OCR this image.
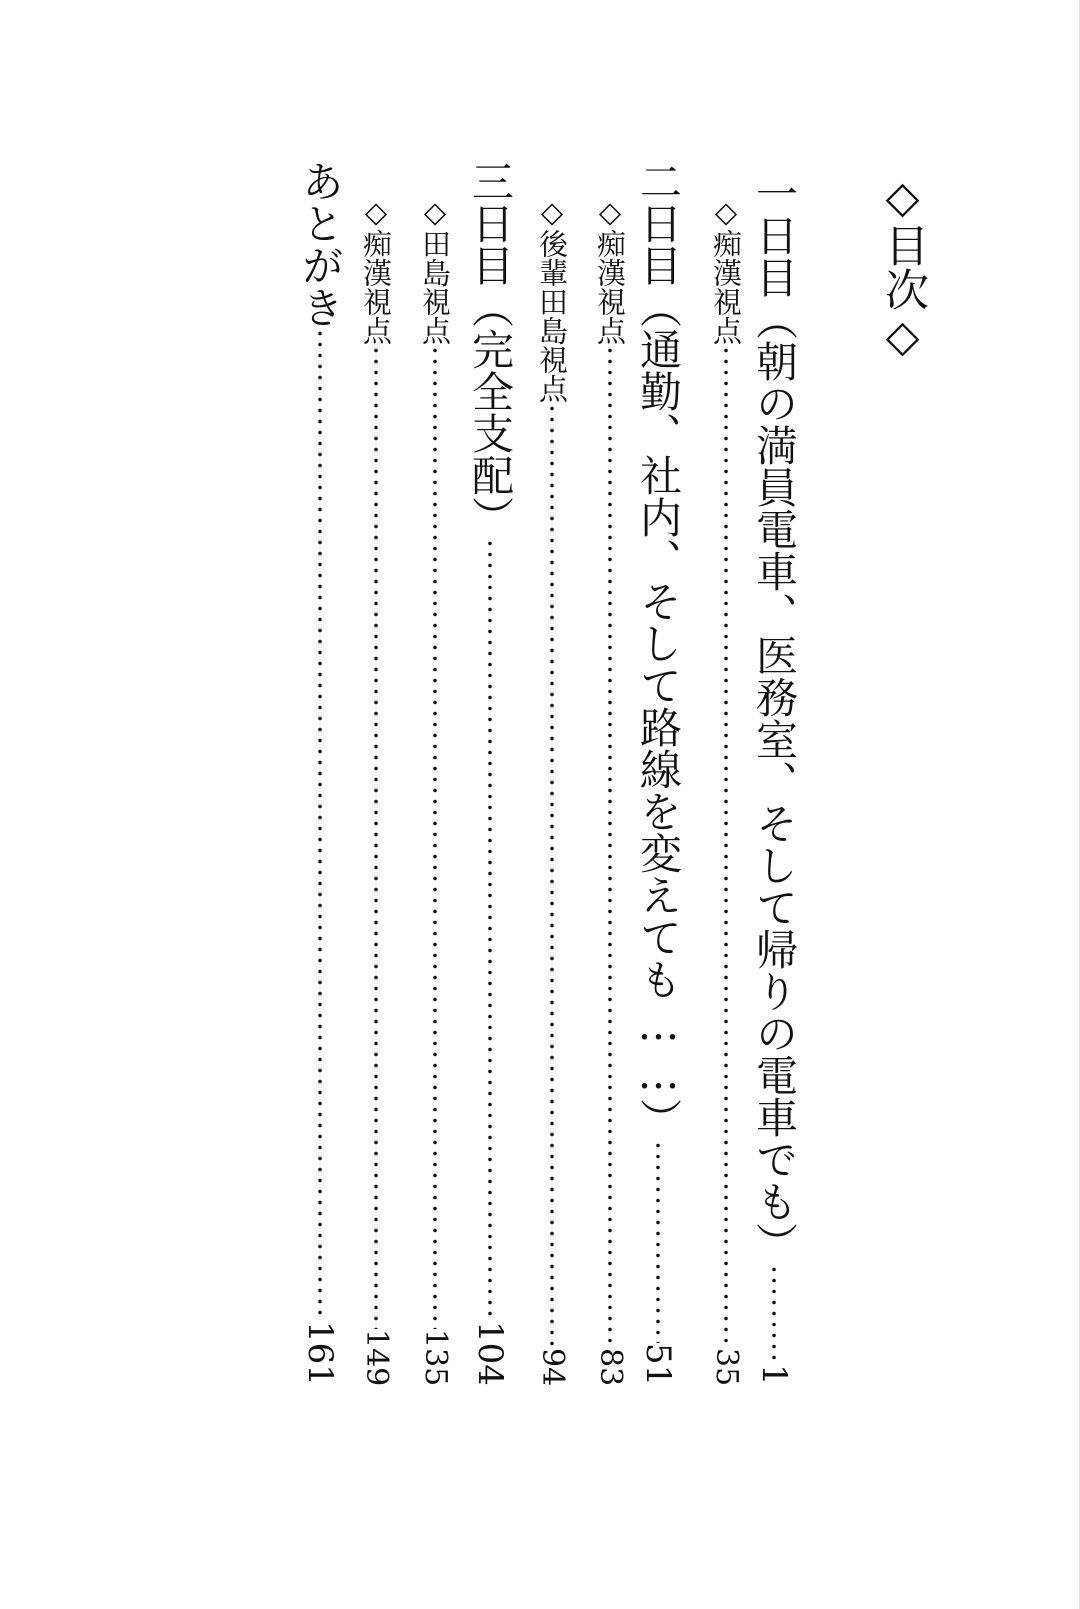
◇目次◇
一日目（朝の満員電車、医務室、そして帰りの電車でも）
1
◇痴漢視点
35
二日目（通勤、社内、そして路線を変えても……）
51
◇痴漢視点
83
◇後輩田島視点
94
三日目（完全支配）
104
◇田島視点
135
◇痴漢視点
149
あとがき
161
